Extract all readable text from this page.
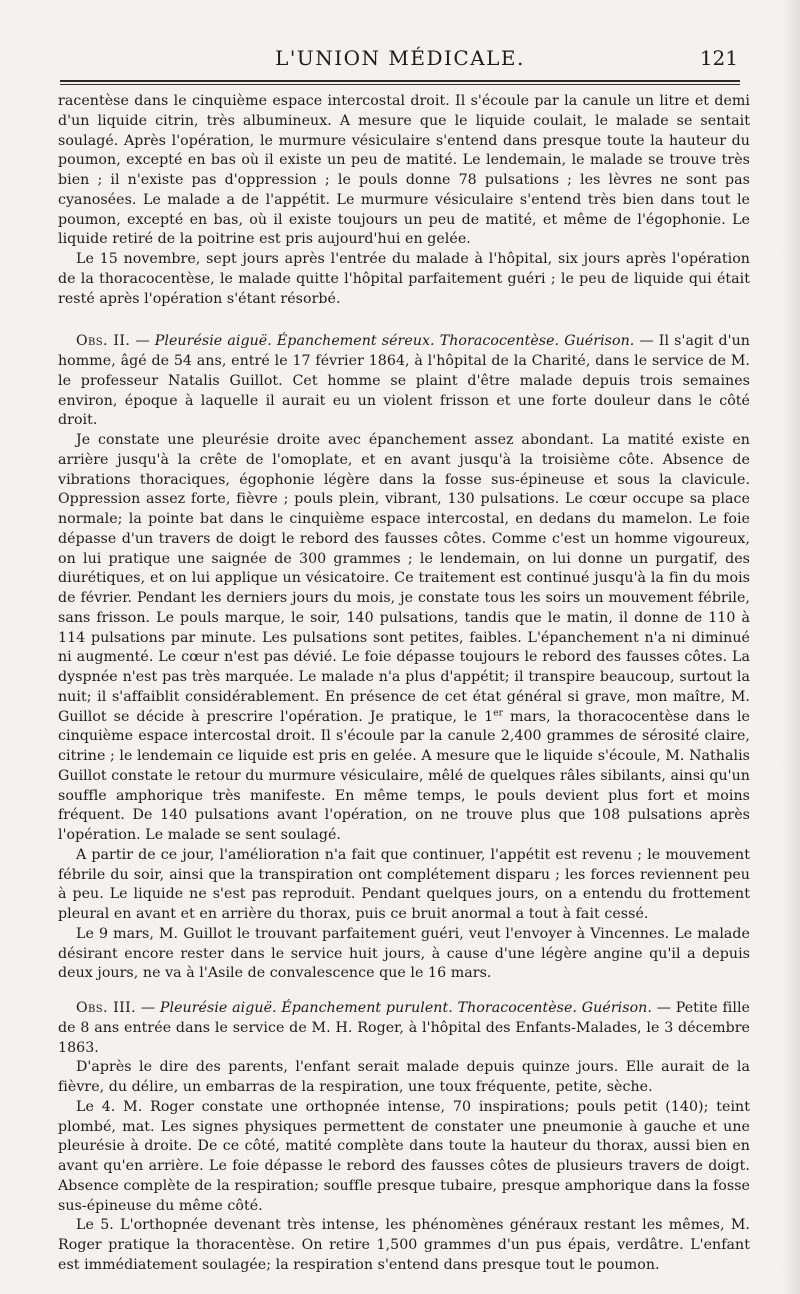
L'UNION MÉDICALE.	121

racentèse dans le cinquième espace intercostal droit. Il s'écoule par la canule un litre et demi d'un liquide citrin, très albumineux. A mesure que le liquide coulait, le malade se sentait soulagé. Après l'opération, le murmure vésiculaire s'entend dans presque toute la hauteur du poumon, excepté en bas où il existe un peu de matité. Le lendemain, le malade se trouve très bien ; il n'existe pas d'oppression ; le pouls donne 78 pulsations ; les lèvres ne sont pas cyanosées. Le malade a de l'appétit. Le murmure vésiculaire s'entend très bien dans tout le poumon, excepté en bas, où il existe toujours un peu de matité, et même de l'égophonie. Le liquide retiré de la poitrine est pris aujourd'hui en gelée.

Le 15 novembre, sept jours après l'entrée du malade à l'hôpital, six jours après l'opération de la thoracocentèse, le malade quitte l'hôpital parfaitement guéri ; le peu de liquide qui était resté après l'opération s'étant résorbé.

Obs. II. — Pleurésie aiguë. Épanchement séreux. Thoracocentèse. Guérison. — Il s'agit d'un homme, âgé de 54 ans, entré le 17 février 1864, à l'hôpital de la Charité, dans le service de M. le professeur Natalis Guillot. Cet homme se plaint d'être malade depuis trois semaines environ, époque à laquelle il aurait eu un violent frisson et une forte douleur dans le côté droit.

Je constate une pleurésie droite avec épanchement assez abondant. La matité existe en arrière jusqu'à la crête de l'omoplate, et en avant jusqu'à la troisième côte. Absence de vibrations thoraciques, égophonie légère dans la fosse sus-épineuse et sous la clavicule. Oppression assez forte, fièvre ; pouls plein, vibrant, 130 pulsations. Le cœur occupe sa place normale; la pointe bat dans le cinquième espace intercostal, en dedans du mamelon. Le foie dépasse d'un travers de doigt le rebord des fausses côtes. Comme c'est un homme vigoureux, on lui pratique une saignée de 300 grammes ; le lendemain, on lui donne un purgatif, des diurétiques, et on lui applique un vésicatoire. Ce traitement est continué jusqu'à la fin du mois de février. Pendant les derniers jours du mois, je constate tous les soirs un mouvement fébrile, sans frisson. Le pouls marque, le soir, 140 pulsations, tandis que le matin, il donne de 110 à 114 pulsations par minute. Les pulsations sont petites, faibles. L'épanchement n'a ni diminué ni augmenté. Le cœur n'est pas dévié. Le foie dépasse toujours le rebord des fausses côtes. La dyspnée n'est pas très marquée. Le malade n'a plus d'appétit; il transpire beaucoup, surtout la nuit; il s'affaiblit considérablement. En présence de cet état général si grave, mon maître, M. Guillot se décide à prescrire l'opération. Je pratique, le 1er mars, la thoracocentèse dans le cinquième espace intercostal droit. Il s'écoule par la canule 2,400 grammes de sérosité claire, citrine ; le lendemain ce liquide est pris en gelée. A mesure que le liquide s'écoule, M. Nathalis Guillot constate le retour du murmure vésiculaire, mêlé de quelques râles sibilants, ainsi qu'un souffle amphorique très manifeste. En même temps, le pouls devient plus fort et moins fréquent. De 140 pulsations avant l'opération, on ne trouve plus que 108 pulsations après l'opération. Le malade se sent soulagé.

A partir de ce jour, l'amélioration n'a fait que continuer, l'appétit est revenu ; le mouvement fébrile du soir, ainsi que la transpiration ont complétement disparu ; les forces reviennent peu à peu. Le liquide ne s'est pas reproduit. Pendant quelques jours, on a entendu du frottement pleural en avant et en arrière du thorax, puis ce bruit anormal a tout à fait cessé.

Le 9 mars, M. Guillot le trouvant parfaitement guéri, veut l'envoyer à Vincennes. Le malade désirant encore rester dans le service huit jours, à cause d'une légère angine qu'il a depuis deux jours, ne va à l'Asile de convalescence que le 16 mars.

Obs. III. — Pleurésie aiguë. Épanchement purulent. Thoracocentèse. Guérison. — Petite fille de 8 ans entrée dans le service de M. H. Roger, à l'hôpital des Enfants-Malades, le 3 décembre 1863.

D'après le dire des parents, l'enfant serait malade depuis quinze jours. Elle aurait de la fièvre, du délire, un embarras de la respiration, une toux fréquente, petite, sèche.

Le 4. M. Roger constate une orthopnée intense, 70 inspirations; pouls petit (140); teint plombé, mat. Les signes physiques permettent de constater une pneumonie à gauche et une pleurésie à droite. De ce côté, matité complète dans toute la hauteur du thorax, aussi bien en avant qu'en arrière. Le foie dépasse le rebord des fausses côtes de plusieurs travers de doigt. Absence complète de la respiration; souffle presque tubaire, presque amphorique dans la fosse sus-épineuse du même côté.

Le 5. L'orthopnée devenant très intense, les phénomènes généraux restant les mêmes, M. Roger pratique la thoracentèse. On retire 1,500 grammes d'un pus épais, verdâtre. L'enfant est immédiatement soulagée; la respiration s'entend dans presque tout le poumon.
